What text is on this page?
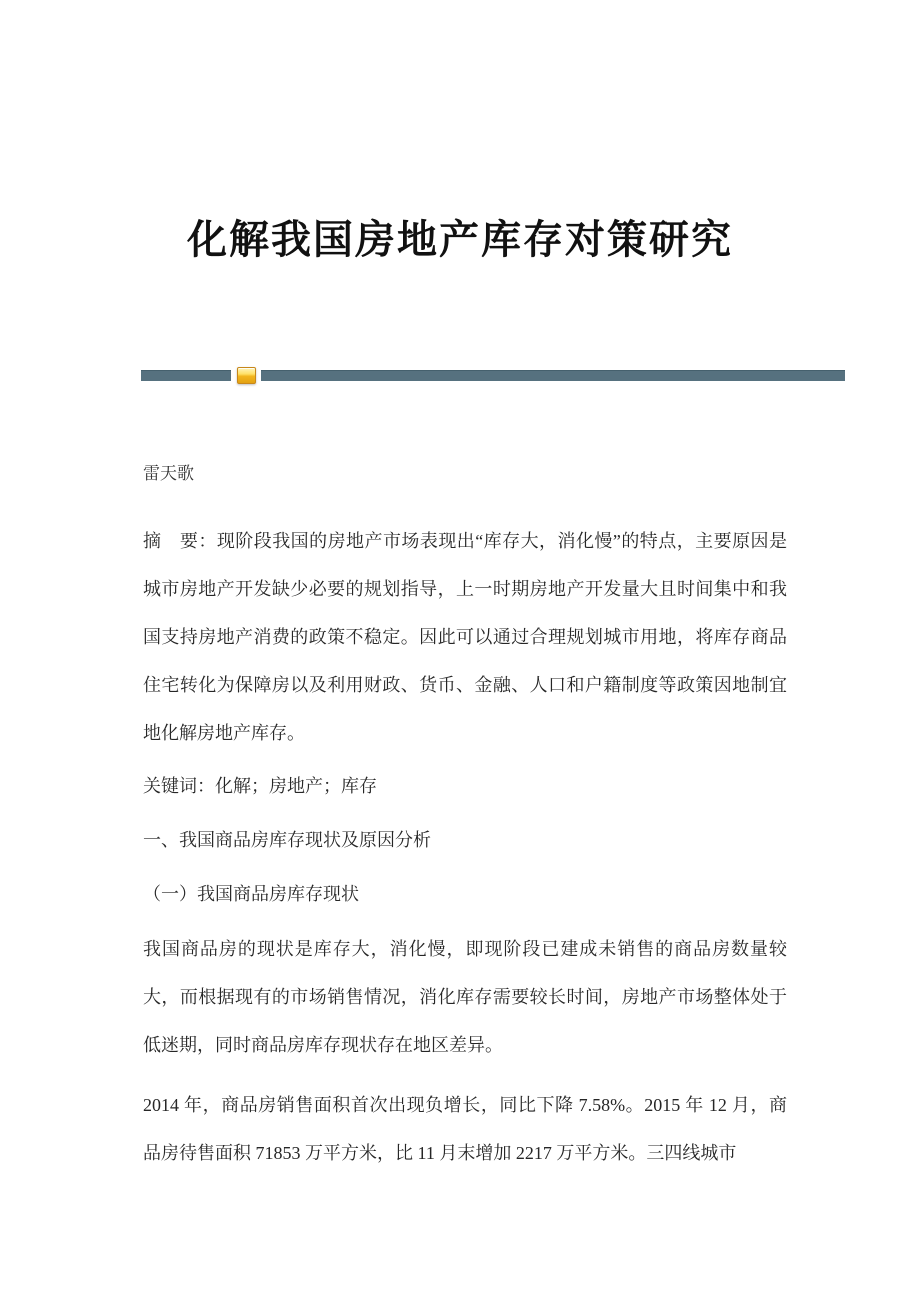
化解我国房地产库存对策研究

雷天歌

摘　要：现阶段我国的房地产市场表现出“库存大，消化慢”的特点，主要原因是城市房地产开发缺少必要的规划指导，上一时期房地产开发量大且时间集中和我国支持房地产消费的政策不稳定。因此可以通过合理规划城市用地，将库存商品住宅转化为保障房以及利用财政、货币、金融、人口和户籍制度等政策因地制宜地化解房地产库存。

关键词：化解；房地产；库存

一、我国商品房库存现状及原因分析

（一）我国商品房库存现状

我国商品房的现状是库存大，消化慢，即现阶段已建成未销售的商品房数量较大，而根据现有的市场销售情况，消化库存需要较长时间，房地产市场整体处于低迷期，同时商品房库存现状存在地区差异。

2014 年，商品房销售面积首次出现负增长，同比下降 7.58%。2015 年 12 月，商品房待售面积 71853 万平方米，比 11 月末增加 2217 万平方米。三四线城市
